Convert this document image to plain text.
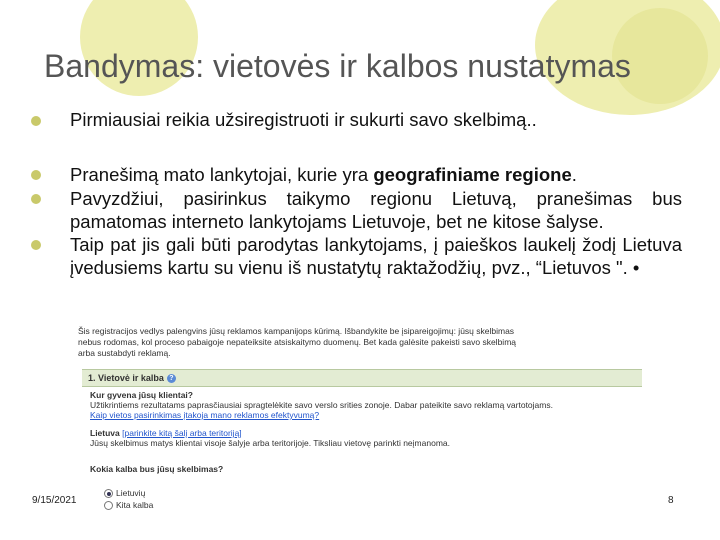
Bandymas: vietovės ir kalbos nustatymas
Pirmiausiai reikia užsiregistruoti ir sukurti savo skelbimą..
Pranešimą mato lankytojai, kurie yra geografiniame regione.
Pavyzdžiui, pasirinkus taikymo regionu Lietuvą, pranešimas bus pamatomas interneto lankytojams Lietuvoje, bet ne kitose šalyse.
Taip pat jis gali būti parodytas lankytojams, į paieškos laukelį žodį Lietuva įvedusiems kartu su vienu iš nustatytų raktažodžių, pvz., “Lietuvos ". •
Šis registracijos vedlys palengvins jūsų reklamos kampanijops kūrimą. Išbandykite be įsipareigojimų: jūsų skelbimas nebus rodomas, kol proceso pabaigoje nepateiksite atsiskaitymo duomenų. Bet kada galėsite pakeisti savo skelbimą arba sustabdyti reklamą.
1. Vietovė ir kalba ?
Kur gyvena jūsų klientai?
Užtikrintiems rezultatams paprasčiausiai spragtelėkite savo verslo srities zonoje. Dabar pateikite savo reklamą vartotojams.
Kaip vietos pasirinkimas įtakoja mano reklamos efektyvumą?
Lietuva [parinkite kitą šalį arba teritoriją]
Jūsų skelbimus matys klientai visoje šalyje arba teritorijoje. Tiksliau vietovę parinkti neįmanoma.
Kokia kalba bus jūsų skelbimas?
Lietuvių
Kita kalba
9/15/2021	8
